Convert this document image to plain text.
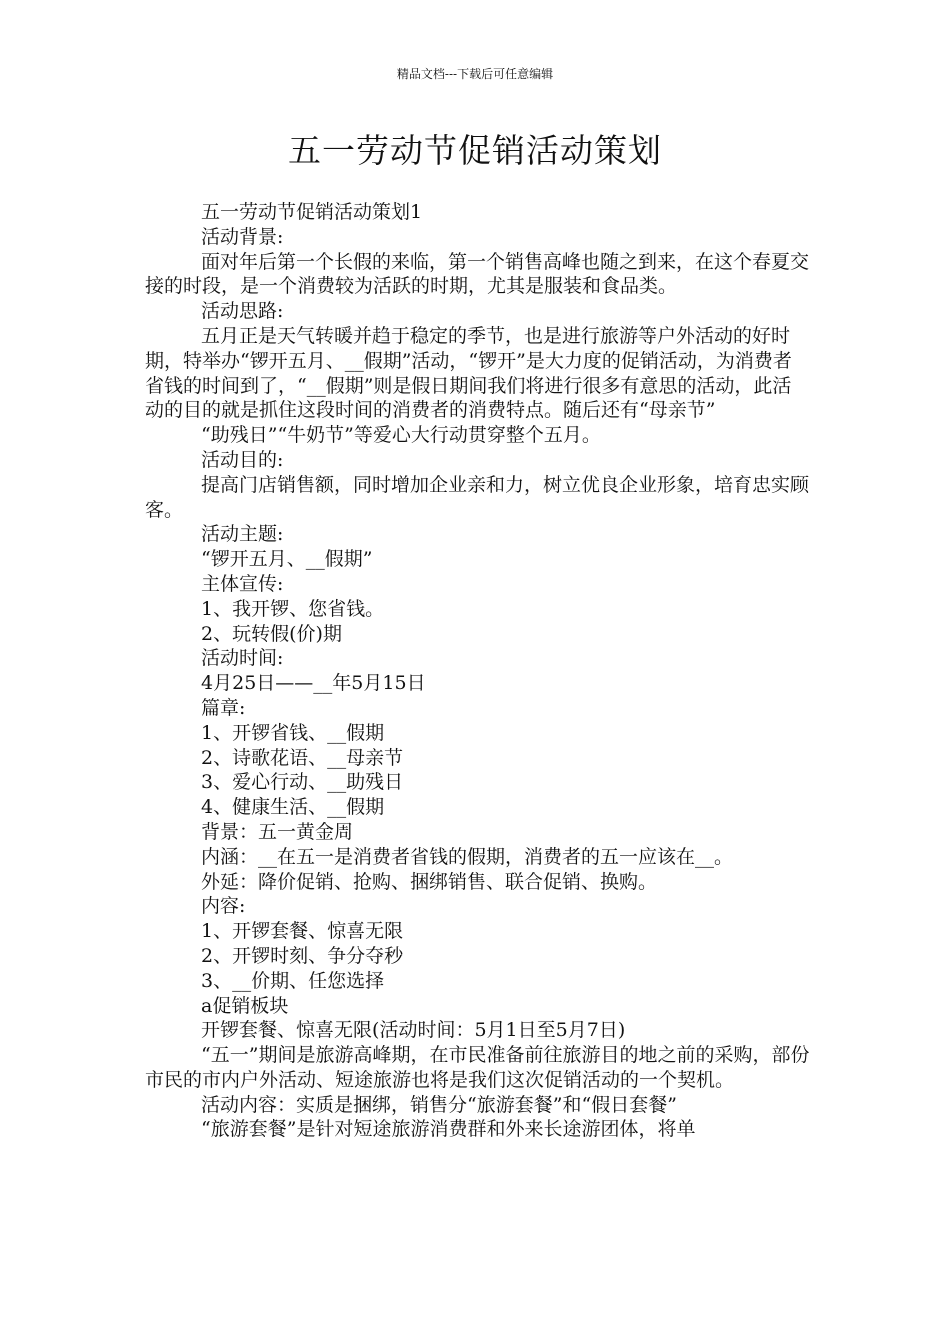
精品文档---下载后可任意编辑
五一劳动节促销活动策划

五一劳动节促销活动策划1

活动背景:

面对年后第一个长假的来临，第一个销售高峰也随之到来，在这个春夏交接的时段，是一个消费较为活跃的时期，尤其是服装和食品类。

活动思路:

五月正是天气转暖并趋于稳定的季节，也是进行旅游等户外活动的好时期，特举办“锣开五月、__假期”活动，“锣开”是大力度的促销活动，为消费者省钱的时间到了，“__假期”则是假日期间我们将进行很多有意思的活动，此活动的目的就是抓住这段时间的消费者的消费特点。随后还有“母亲节”

“助残日”“牛奶节”等爱心大行动贯穿整个五月。

活动目的:

提高门店销售额，同时增加企业亲和力，树立优良企业形象，培育忠实顾客。

活动主题:

“锣开五月、__假期”

主体宣传:

1、我开锣、您省钱。

2、玩转假(价)期

活动时间:

4月25日——__年5月15日

篇章:

1、开锣省钱、__假期

2、诗歌花语、__母亲节

3、爱心行动、__助残日

4、健康生活、__假期

背景：五一黄金周

内涵：__在五一是消费者省钱的假期，消费者的五一应该在__。

外延：降价促销、抢购、捆绑销售、联合促销、换购。

内容:

1、开锣套餐、惊喜无限

2、开锣时刻、争分夺秒

3、__价期、任您选择

a促销板块

开锣套餐、惊喜无限(活动时间：5月1日至5月7日)

“五一”期间是旅游高峰期，在市民准备前往旅游目的地之前的采购，部份市民的市内户外活动、短途旅游也将是我们这次促销活动的一个契机。

活动内容：实质是捆绑，销售分“旅游套餐”和“假日套餐”

“旅游套餐”是针对短途旅游消费群和外来长途游团体，将单
